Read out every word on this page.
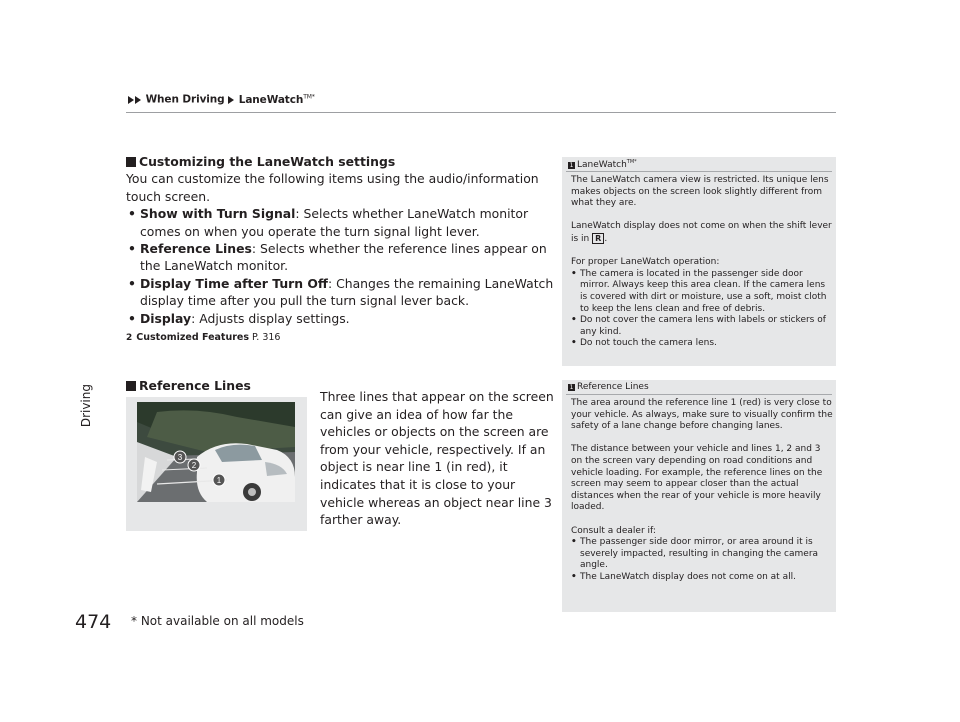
When Driving LaneWatch$^{TM*}$
Driving
474 * Not available on all models
Customizing the LaneWatch settings
You can customize the following items using the audio/information touch screen.
• Show with Turn Signal: Selects whether LaneWatch monitor comes on when you operate the turn signal light lever.
• Reference Lines: Selects whether the reference lines appear on the LaneWatch monitor.
• Display Time after Turn Off: Changes the remaining LaneWatch display time after you pull the turn signal lever back.
• Display: Adjusts display settings.
2 Customized Features P. 316
Reference Lines
1
2
3
Three lines that appear on the screen can give an idea of how far the vehicles or objects on the screen are from your vehicle, respectively. If an object is near line 1 (in red), it indicates that it is close to your vehicle whereas an object near line 3 farther away.
1 LaneWatch$^{TM*}$

The LaneWatch camera view is restricted. Its unique lens makes objects on the screen look slightly different from what they are.

LaneWatch display does not come on when the shift lever is in R .

For proper LaneWatch operation:
• The camera is located in the passenger side door mirror. Always keep this area clean. If the camera lens is covered with dirt or moisture, use a soft, moist cloth to keep the lens clean and free of debris.
• Do not cover the camera lens with labels or stickers of any kind.
• Do not touch the camera lens.
1 Reference Lines

The area around the reference line 1 (red) is very close to your vehicle. As always, make sure to visually confirm the safety of a lane change before changing lanes.

The distance between your vehicle and lines 1, 2 and 3 on the screen vary depending on road conditions and vehicle loading. For example, the reference lines on the screen may seem to appear closer than the actual distances when the rear of your vehicle is more heavily loaded.

Consult a dealer if:
• The passenger side door mirror, or area around it is severely impacted, resulting in changing the camera angle.
• The LaneWatch display does not come on at all.
